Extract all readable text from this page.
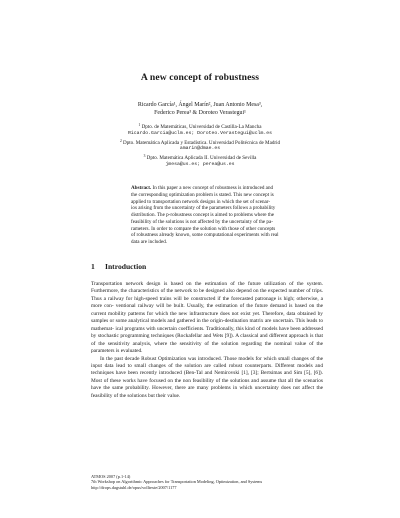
A new concept of robustness
Ricardo García¹, Ángel Marín², Juan Antonio Mesa³,
Federico Perea³ & Doroteo Verastegui¹
$^1$ Dpto. de Matemáticas, Universidad de Castilla-La Mancha
Ricardo.Garcia@uclm.es; Doroteo.Verastegui@uclm.es
$^2$ Dpto. Matemática Aplicada y Estadística. Universidad Politécnica de Madrid
amarin@dmae.es
$^3$ Dpto. Matemática Aplicada II. Universidad de Sevilla
jmesa@us.es; perea@us.es
Abstract. In this paper a new concept of robustness is introduced and
the corresponding optimization problem is stated. This new concept is
applied to transportation network designs in which the set of scenar-
ios arising from the uncertainty of the parameters follows a probability
distribution. The p-robustness concept is aimed to problems where the
feasibility of the solutions is not affected by the uncertainty of the pa-
rameters. In order to compare the solution with those of other concepts
of robustness already known, some computational experiments with real
data are included.
1 Introduction

Transportation network design is based on the estimation of the future utilization of the system. Furthermore, the characteristics of the network to be designed also depend on the expected number of trips. Thus a railway for high-speed trains will be constructed if the forecasted patronage is high; otherwise, a more con- ventional railway will be built. Usually, the estimation of the future demand is based on the current mobility patterns for which the new infrastructure does not exist yet. Therefore, data obtained by samples or some analytical models and gathered in the origin-destination matrix are uncertain. This leads to mathemat- ical programs with uncertain coefficients. Traditionally, this kind of models have been addressed by stochastic programming techniques (Rockafellar and Wets [9]). A classical and different approach is that of the sensitivity analysis, where the sensitivity of the solution regarding the nominal value of the parameters is evaluated.

In the past decade Robust Optimization was introduced. Those models for which small changes of the input data lead to small changes of the solution are called robust counterparts. Different models and techniques have been recently introduced (Ben-Tal and Nemirovski [1], [3]; Bertsimas and Sim [5], [6]). Most of these works have focused on the non feasibility of the solutions and assume that all the scenarios have the same probability. However, there are many problems in which uncertainty does not affect the feasibility of the solutions but their value.

ATMOS 2007 (p.1-14)
7th Workshop on Algorithmic Approaches for Transportation Modeling, Optimization, and Systems
http://drops.dagstuhl.de/opus/volltexte/2007/1177
